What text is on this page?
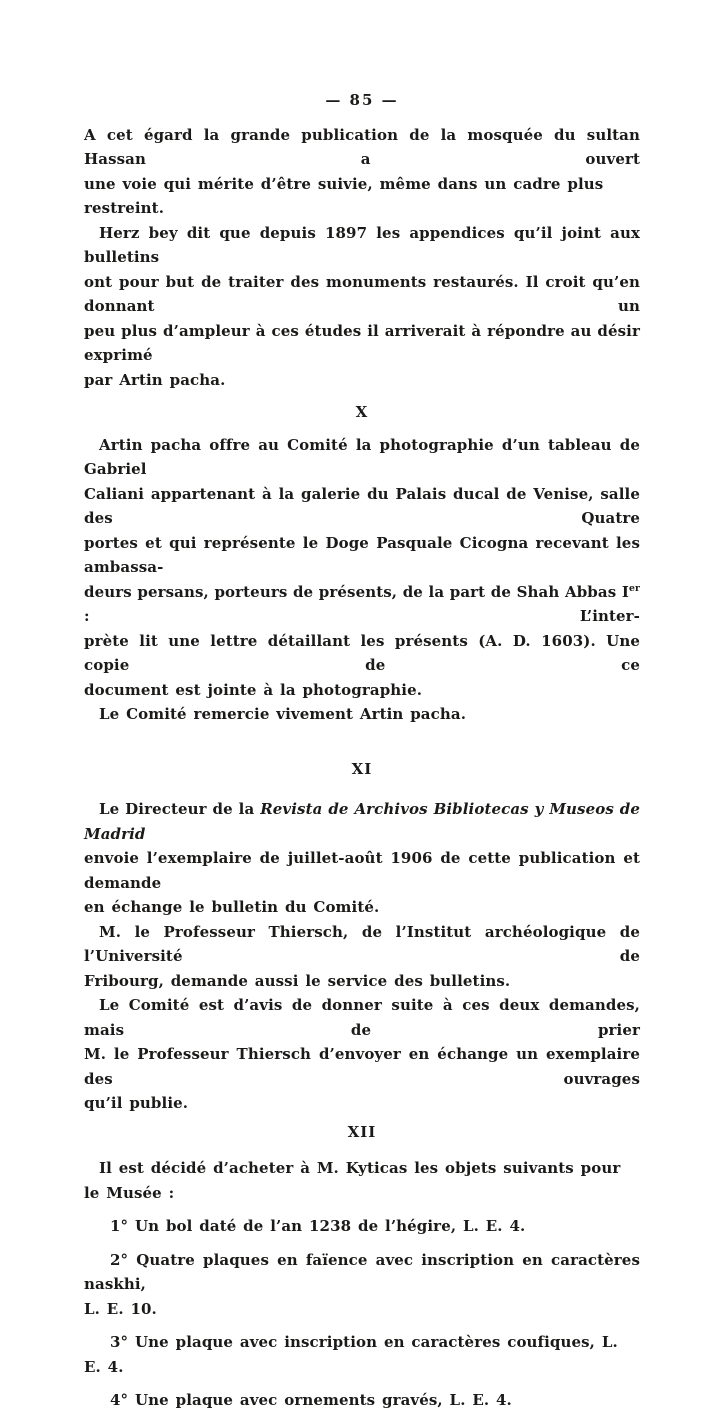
— 85 —
A cet égard la grande publication de la mosquée du sultan Hassan a ouvert
une voie qui mérite d’être suivie, même dans un cadre plus restreint.
Herz bey dit que depuis 1897 les appendices qu’il joint aux bulletins
ont pour but de traiter des monuments restaurés. Il croit qu’en donnant un
peu plus d’ampleur à ces études il arriverait à répondre au désir exprimé
par Artin pacha.
X
Artin pacha offre au Comité la photographie d’un tableau de Gabriel
Caliani appartenant à la galerie du Palais ducal de Venise, salle des Quatre
portes et qui représente le Doge Pasquale Cicogna recevant les ambassa-
deurs persans, porteurs de présents, de la part de Shah Abbas Ier : L’inter-
prète lit une lettre détaillant les présents (A. D. 1603). Une copie de ce
document est jointe à la photographie.
Le Comité remercie vivement Artin pacha.
XI
Le Directeur de la Revista de Archivos Bibliotecas y Museos de Madrid
envoie l’exemplaire de juillet-août 1906 de cette publication et demande
en échange le bulletin du Comité.
M. le Professeur Thiersch, de l’Institut archéologique de l’Université de
Fribourg, demande aussi le service des bulletins.
Le Comité est d’avis de donner suite à ces deux demandes, mais de prier
M. le Professeur Thiersch d’envoyer en échange un exemplaire des ouvrages
qu’il publie.
XII
Il est décidé d’acheter à M. Kyticas les objets suivants pour le Musée :
1° Un bol daté de l’an 1238 de l’hégire, L. E. 4.
2° Quatre plaques en faïence avec inscription en caractères naskhi,
L. E. 10.
3° Une plaque avec inscription en caractères coufiques, L. E. 4.
4° Une plaque avec ornements gravés, L. E. 4.
